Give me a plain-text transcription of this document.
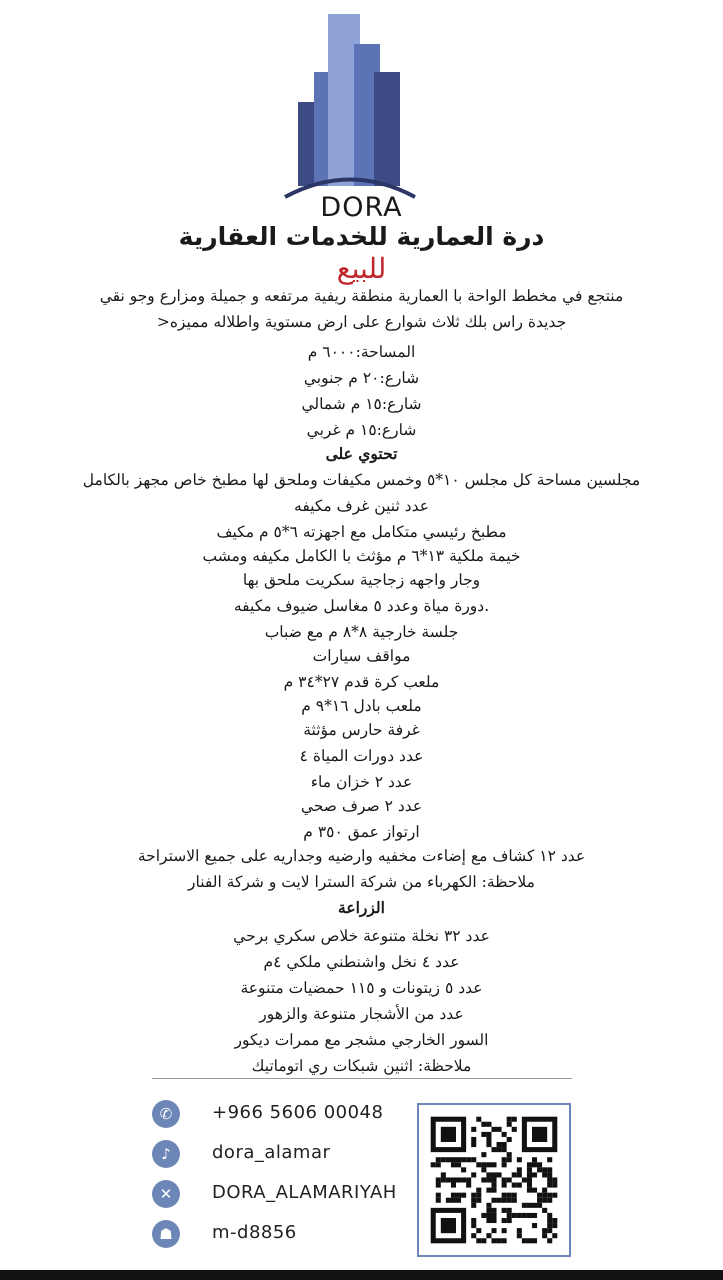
DORA
درة العمارية للخدمات العقارية
للبيع
منتجع في مخطط الواحة با العمارية منطقة ريفية مرتفعه و جميلة ومزارع وجو نقي
جديدة راس بلك ثلاث شوارع على ارض مستوية واطلاله مميزه<
المساحة:٦٠٠٠ م
شارع:٢٠ م جنوبي
شارع:١٥ م شمالي
شارع:١٥ م غربي
تحتوي على
مجلسين مساحة كل مجلس ١٠*٥ وخمس مكيفات وملحق لها مطبخ خاص مجهز بالكامل
عدد ثنين غرف مكيفه
مطبخ رئيسي متكامل مع اجهزته ٦*٥ م مكيف
خيمة ملكية ١٣*٦ م مؤثث با الكامل مكيفه ومشب
وجار واجهه زجاجية سكريت ملحق بها
.دورة مياة وعدد ٥ مغاسل ضيوف مكيفه
جلسة خارجية ٨*٨ م مع ضباب
مواقف سيارات
ملعب كرة قدم ٢٧*٣٤ م
ملعب بادل ١٦*٩ م
غرفة حارس مؤثثة
عدد دورات المياة ٤
عدد ٢ خزان ماء
عدد ٢ صرف صحي
ارتواز عمق ٣٥٠ م
عدد ١٢ كشاف مع إضاءت مخفيه وارضيه وجداريه على جميع الاستراحة
ملاحظة: الكهرباء من شركة السترا لايت و شركة الفنار
الزراعة
عدد ٣٢ نخلة متنوعة خلاص سكري برحي
عدد ٤ نخل واشنطني ملكي ٤م
عدد ٥ زيتونات و ١١٥ حمضيات متنوعة
عدد من الأشجار متنوعة والزهور
السور الخارجي مشجر مع ممرات ديكور
ملاحظة: اثنين شبكات ري اتوماتيك
✆	+966 5606 00048
♪	dora_alamar
✕	DORA_ALAMARIYAH
☗	m-d8856
